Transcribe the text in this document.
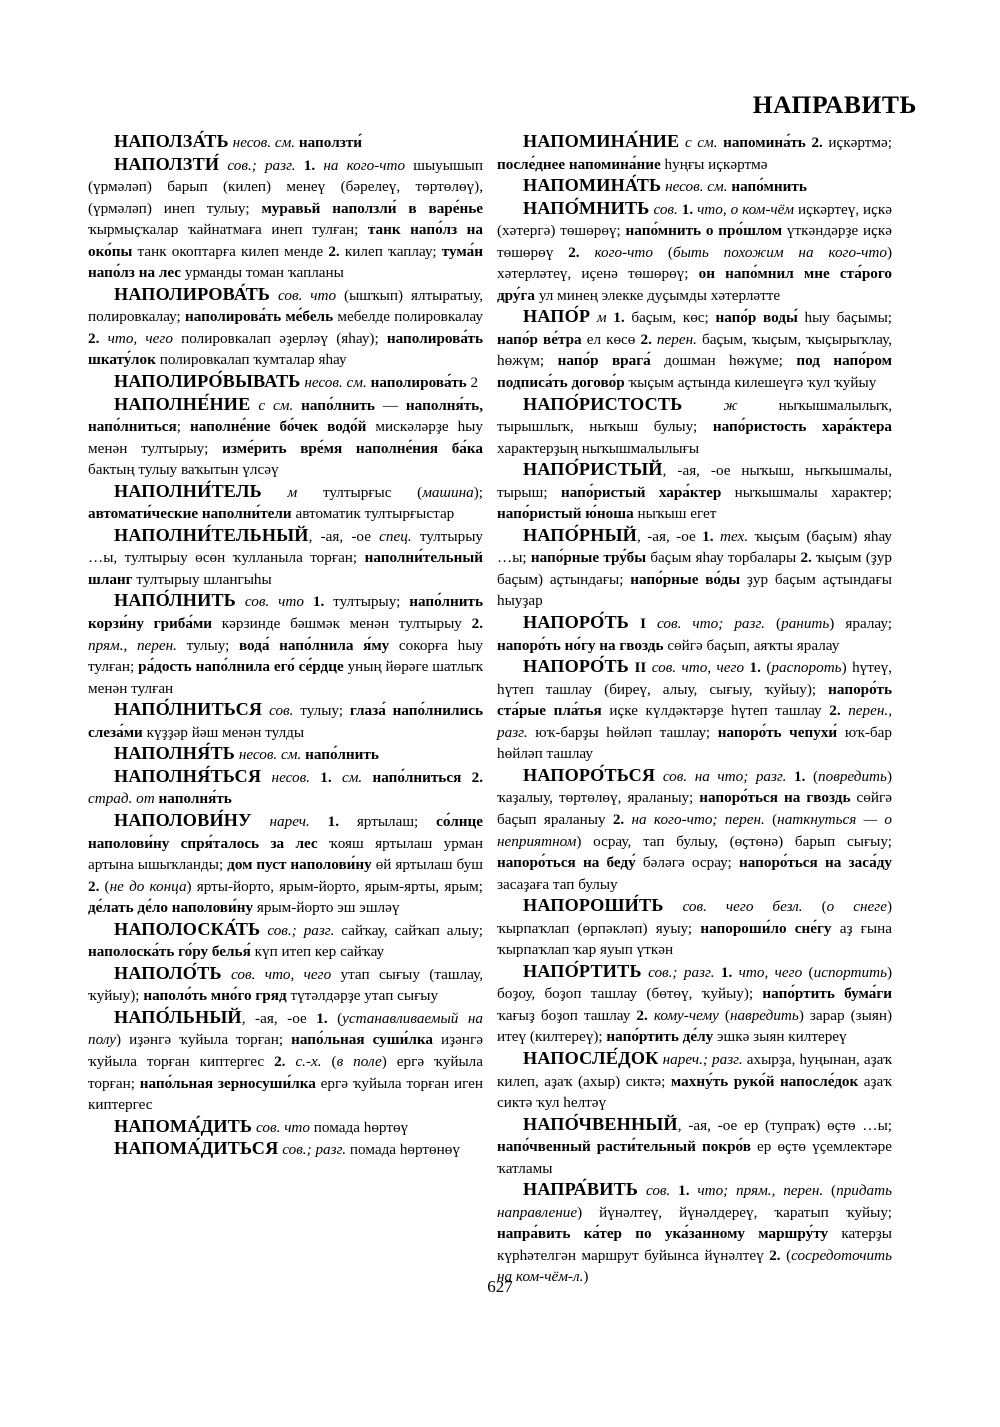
НАПРАВИТЬ

НАПОЛЗА́ТЬ несов. см. наползти́

НАПОЛЗТИ́ сов.; разг. 1. на кого-что шыуышып (үрмәләп) барып (килеп) менеү (бәрелеү, төртөлөү), (үрмәләп) инеп тулыу; муравьй наползли́ в варе́нье ҡырмыҫҡалар ҡайнатмаға инеп тулған; танк напо́лз на око́пы танк окоптарға килеп менде 2. килеп ҡаплау; тума́н напо́лз на лес урманды томан ҡапланы

НАПОЛИРОВА́ТЬ сов. что (ышҡып) ялтыратыу, полировкалау; наполирова́ть ме́бель мебелде полировкалау 2. что, чего полировкалап әҙерләү (яһау); наполирова́ть шкату́лок полировкалап ҡумталар яһау

НАПОЛИРО́ВЫВАТЬ несов. см. наполирова́ть 2

НАПОЛНЕ́НИЕ с см. напо́лнить — наполня́ть, напо́лниться; наполне́ние бо́чек водо́й мискәләрҙе һыу менән тултырыу; изме́рить вре́мя наполне́ния ба́ка бактың тулыу ваҡытын үлсәү

НАПОЛНИ́ТЕЛЬ м тултырғыс (машина); автомати́ческие наполни́тели автоматик тултырғыстар

НАПОЛНИ́ТЕЛЬНЫЙ, -ая, -ое спец. тултырыу …ы, тултырыу өсөн ҡулланыла торған; наполни́тельный шланг тултырыу шлангыһы

НАПО́ЛНИТЬ сов. что 1. тултырыу; напо́лнить корзи́ну гриба́ми кәрзинде бәшмәк менән тултырыу 2. прям., перен. тулыу; вода́ напо́лнила я́му сокорға һыу тулған; ра́дость напо́лнила его́ се́рдце уның йөрәге шатлыҡ менән тулған

НАПО́ЛНИТЬСЯ сов. тулыу; глаза́ напо́лнились слеза́ми күҙҙәр йәш менән тулды

НАПОЛНЯ́ТЬ несов. см. напо́лнить

НАПОЛНЯ́ТЬСЯ несов. 1. см. напо́лниться 2. страд. от наполня́ть

НАПОЛОВИ́НУ нареч. 1. яртылаш; со́лнце наполови́ну спря́талось за лес ҡояш яртылаш урман артына ышыҡланды; дом пуст наполови́ну өй яртылаш буш 2. (не до конца) ярты-йорто, ярым-йорто, ярым-ярты, ярым; де́лать де́ло наполови́ну ярым-йорто эш эшләү

НАПОЛОСКА́ТЬ сов.; разг. сайҡау, сайҡап алыу; наполоска́ть го́ру белья́ күп итеп кер сайҡау

НАПОЛО́ТЬ сов. что, чего утап сығыу (ташлау, ҡуйыу); наполо́ть мно́го гряд түтәлдәрҙе утап сығыу

НАПО́ЛЬНЫЙ, -ая, -ое 1. (устанавливаемый на полу) иҙәнгә ҡуйыла торған; напо́льная суши́лка иҙәнгә ҡуйыла торған киптергес 2. с.-х. (в поле) ергә ҡуйыла торған; напо́льная зерносуши́лка ергә ҡуйыла торған иген киптергес

НАПОМА́ДИТЬ сов. что помада һөртөү

НАПОМА́ДИТЬСЯ сов.; разг. помада һөртөнөү

НАПОМИНА́НИЕ с см. напомина́ть 2. иҫкәртмә; после́днее напомина́ние һуңғы иҫкәртмә

НАПОМИНА́ТЬ несов. см. напо́мнить

НАПО́МНИТЬ сов. 1. что, о ком-чём иҫкәртеү, иҫкә (хәтергә) төшөрөү; напо́мнить о про́шлом үткәндәрҙе иҫкә төшөрөү 2. кого-что (быть похожим на кого-что) хәтерләтеү, иҫенә төшөрөү; он напо́мнил мне ста́рого дру́га ул минең элекке дуҫымды хәтерләтте

НАПО́Р м 1. баҫым, көс; напо́р воды́ һыу баҫымы; напо́р ве́тра ел көсө 2. перен. баҫым, ҡыҫым, ҡыҫырыҡлау, һөжүм; напо́р врага́ дошман һөжүме; под напо́ром подписа́ть догово́р ҡыҫым аҫтында килешеүгә ҡул ҡуйыу

НАПО́РИСТОСТЬ	ж ныҡышмалылыҡ, тырышлыҡ, ныҡыш булыу; напо́ристость хара́ктера характерҙың ныҡышмалылығы

НАПО́РИСТЫЙ, -ая, -ое ныҡыш, ныҡышмалы, тырыш; напо́ристый хара́ктер ныҡышмалы характер; напо́ристый ю́ноша ныҡыш егет

НАПО́РНЫЙ, -ая, -ое 1. тех. ҡыҫым (баҫым) яһау …ы; напо́рные тру́бы баҫым яһау торбалары 2. ҡыҫым (ҙур баҫым) аҫтындағы; напо́рные во́ды ҙур баҫым аҫтындағы һыуҙар

НАПОРО́ТЬ I сов. что; разг. (ранить) яралау; напоро́ть но́гу на гвоздь сөйгә баҫып, аяҡты яралау

НАПОРО́ТЬ II сов. что, чего 1. (распороть) һүтеү, һүтеп ташлау (биреү, алыу, сығыу, ҡуйыу); напоро́ть ста́рые пла́тья иҫке күлдәктәрҙе һүтеп ташлау 2. перен., разг. юҡ-барҙы һөйләп ташлау; напоро́ть чепухи́ юҡ-бар һөйләп ташлау

НАПОРО́ТЬСЯ сов. на что; разг. 1. (повредить) ҡаҙалыу, төртөлөү, яраланыу; напоро́ться на гвоздь сөйгә баҫып яраланыу 2. на кого-что; перен. (наткнуться — о неприятном) осрау, тап булыу, (өҫтөнә) барып сығыу; напоро́ться на беду́ бәләгә осрау; напоро́ться на заса́ду засаҙаға тап булыу

НАПОРОШИ́ТЬ сов. чего безл. (о снеге) ҡырпаҡлап (өрпәкләп) яуыу; напороши́ло сне́гу аҙ ғына ҡырпаҡлап ҡар яуып үткән

НАПО́РТИТЬ сов.; разг. 1. что, чего (испортить) боҙоу, боҙоп ташлау (бөтөү, ҡуйыу); напо́ртить бума́ги ҡағыҙ боҙоп ташлау 2. кому-чему (навредить) зарар (зыян) итеү (килтереү); напо́ртить де́лу эшкә зыян килтереү

НАПОСЛЕ́ДОК нареч.; разг. ахырҙа, һуңынан, аҙаҡ килеп, аҙаҡ (ахыр) сиктә; махну́ть руко́й напосле́док аҙаҡ сиктә ҡул һелтәү

НАПО́ЧВЕННЫЙ, -ая, -ое ер (тупраҡ) өҫтө …ы; напо́чвенный расти́тельный покро́в ер өҫтө үҫемлектәре ҡатламы

НАПРА́ВИТЬ сов. 1. что; прям., перен. (придать направление) йүнәлтеү, йүнәлдереү, ҡаратып ҡуйыу; напра́вить ка́тер по ука́занному маршру́ту катерҙы күрһәтелгән маршрут буйынса йүнәлтеү 2. (сосредоточить на ком-чём-л.)

627
